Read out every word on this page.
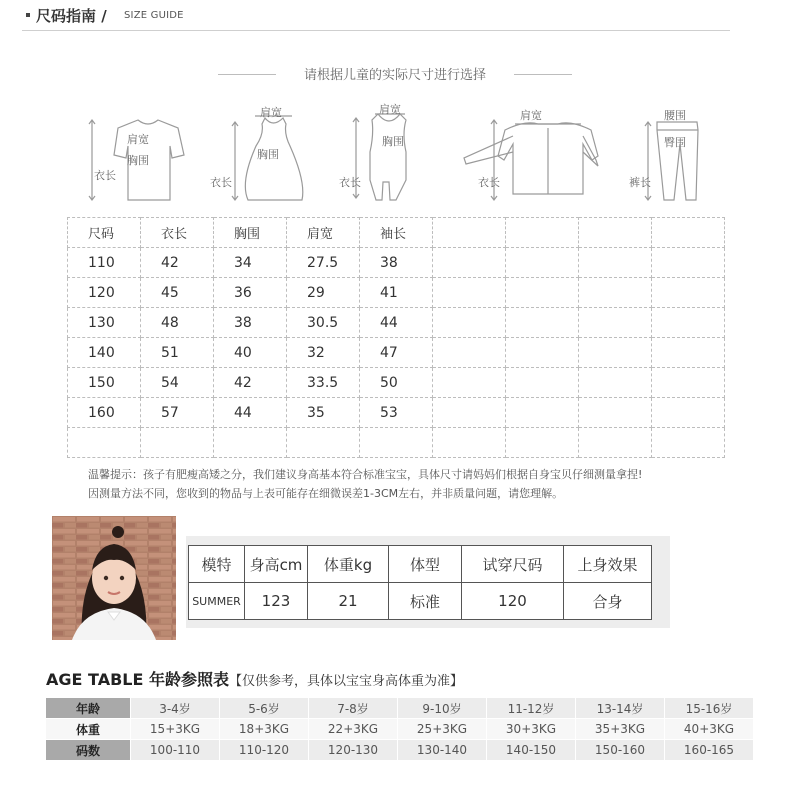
尺码指南 / SIZE GUIDE
请根据儿童的实际尺寸进行选择
肩宽
胸围
衣长
肩宽
胸围
衣长
肩宽
胸围
衣长
肩宽
衣长
腰围
臀围
裤长
尺码	衣长	胸围	肩宽	袖长				
110	42	34	27.5	38				
120	45	36	29	41				
130	48	38	30.5	44				
140	51	40	32	47				
150	54	42	33.5	50				
160	57	44	35	53				

温馨提示：孩子有肥瘦高矮之分，我们建议身高基本符合标准宝宝，具体尺寸请妈妈们根据自身宝贝仔细测量拿捏!
因测量方法不同，您收到的物品与上表可能存在细微误差1-3CM左右，并非质量问题，请您理解。
模特	身高cm	体重kg	体型	试穿尺码	上身效果
SUMMER	123	21	标准	120	合身
AGE TABLE 年龄参照表 【仅供参考，具体以宝宝身高体重为准】
年龄	3-4岁	5-6岁	7-8岁	9-10岁	11-12岁	13-14岁	15-16岁
体重	15+3KG	18+3KG	22+3KG	25+3KG	30+3KG	35+3KG	40+3KG
码数	100-110	110-120	120-130	130-140	140-150	150-160	160-165
